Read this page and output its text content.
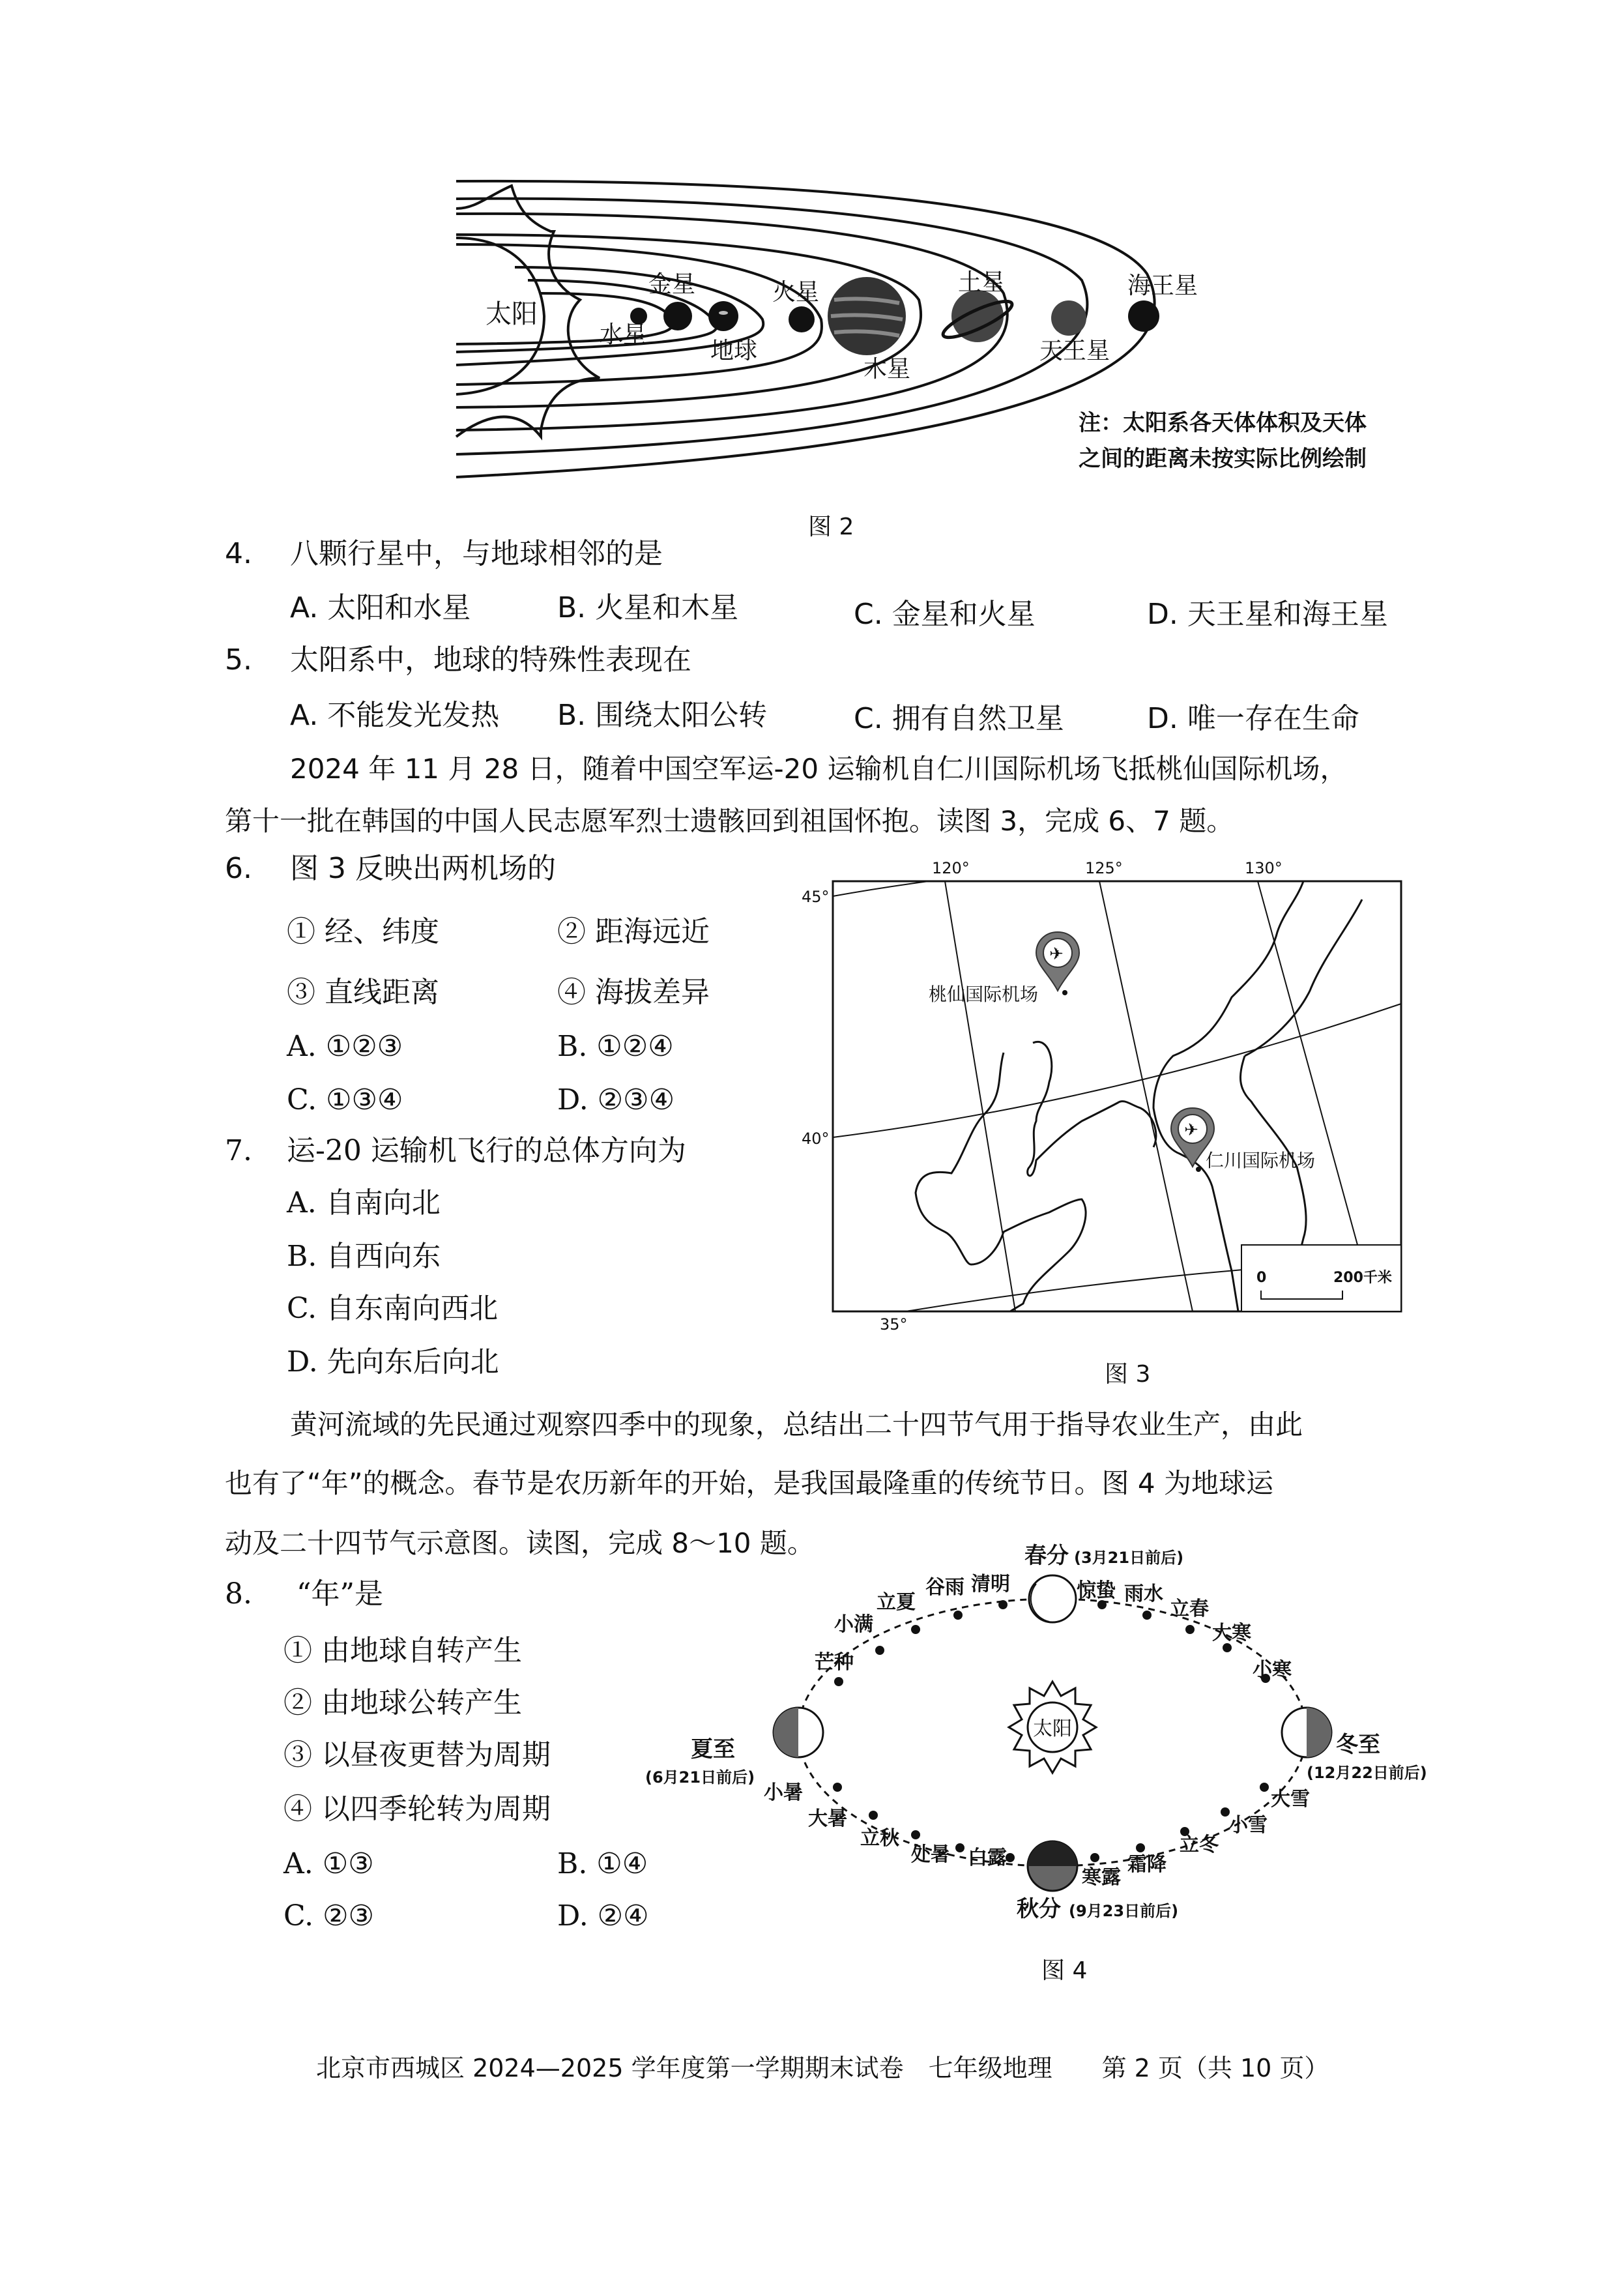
太阳
水星
金星
地球
火星
木星
土星
天王星
海王星
注：太阳系各天体体积及天体
之间的距离未按实际比例绘制
图 2
4. 八颗行星中，与地球相邻的是
A. 太阳和水星	B. 火星和木星	C. 金星和火星	D. 天王星和海王星
5. 太阳系中，地球的特殊性表现在
A. 不能发光发热 B. 围绕太阳公转	C. 拥有自然卫星	D. 唯一存在生命
2024 年 11 月 28 日，随着中国空军运-20 运输机自仁川国际机场飞抵桃仙国际机场，
第十一批在韩国的中国人民志愿军烈士遗骸回到祖国怀抱。读图 3，完成 6、7 题。
6. 图 3 反映出两机场的
① 经、纬度	② 距海远近
③ 直线距离	④ 海拔差异
A. ①②③	B. ①②④
C. ①③④	D. ②③④
7. 运-20 运输机飞行的总体方向为
A. 自南向北
B. 自西向东
C. 自东南向西北
D. 先向东后向北
0	200千米
120°	125°	130°
45°
40°
35°
✈
桃仙国际机场
✈
仁川国际机场
图 3
黄河流域的先民通过观察四季中的现象，总结出二十四节气用于指导农业生产，由此
也有了“年”的概念。春节是农历新年的开始，是我国最隆重的传统节日。图 4 为地球运
动及二十四节气示意图。读图，完成 8～10 题。
8. “年”是
① 由地球自转产生
② 由地球公转产生
③ 以昼夜更替为周期
④ 以四季轮转为周期
A. ①③	B. ①④
C. ②③	D. ②④
太阳
春分 (3月21日前后)
夏至
(6月21日前后)
秋分 (9月23日前后)
冬至
(12月22日前后)
惊蛰 雨水
立春
大寒
小寒
清明
谷雨
立夏
小满
芒种
小暑
大暑
立秋
处暑 白露
寒露
霜降
立冬
小雪
大雪
图 4
北京市西城区 2024—2025 学年度第一学期期末试卷　七年级地理　　第 2 页（共 10 页）
